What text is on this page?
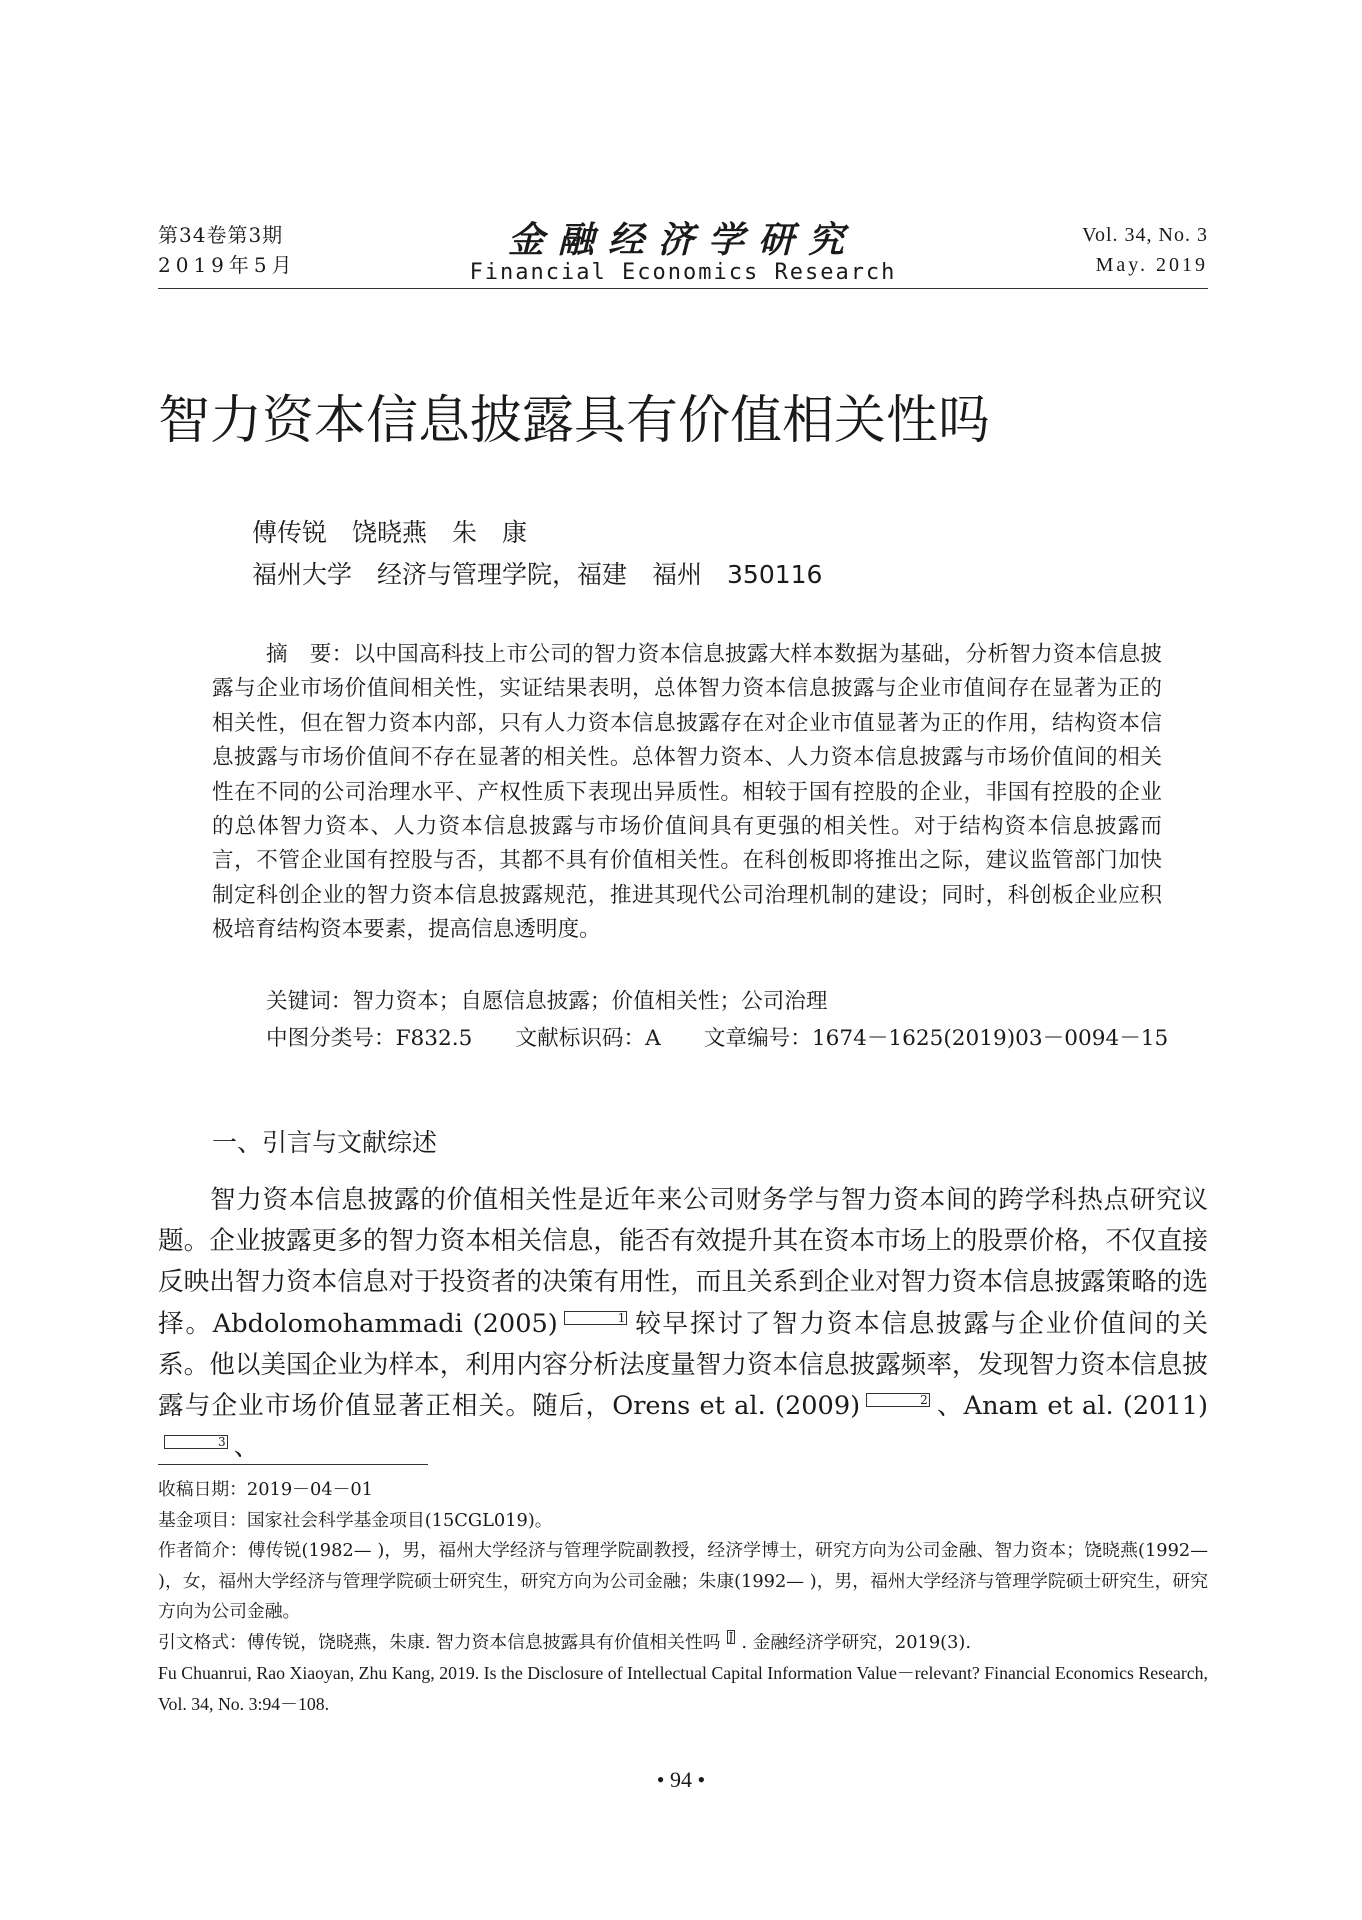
第34卷第3期
2019年5月
金融经济学研究
Financial Economics Research
Vol. 34, No. 3
May. 2019
智力资本信息披露具有价值相关性吗
傅传锐　饶晓燕　朱　康
福州大学　经济与管理学院，福建　福州　350116
摘　要：以中国高科技上市公司的智力资本信息披露大样本数据为基础，分析智力资本信息披露与企业市场价值间相关性，实证结果表明，总体智力资本信息披露与企业市值间存在显著为正的相关性，但在智力资本内部，只有人力资本信息披露存在对企业市值显著为正的作用，结构资本信息披露与市场价值间不存在显著的相关性。总体智力资本、人力资本信息披露与市场价值间的相关性在不同的公司治理水平、产权性质下表现出异质性。相较于国有控股的企业，非国有控股的企业的总体智力资本、人力资本信息披露与市场价值间具有更强的相关性。对于结构资本信息披露而言，不管企业国有控股与否，其都不具有价值相关性。在科创板即将推出之际，建议监管部门加快制定科创企业的智力资本信息披露规范，推进其现代公司治理机制的建设；同时，科创板企业应积极培育结构资本要素，提高信息透明度。
关键词：智力资本；自愿信息披露；价值相关性；公司治理
中图分类号：F832.5　　文献标识码：A　　文章编号：1674－1625(2019)03－0094－15
一、引言与文献综述
智力资本信息披露的价值相关性是近年来公司财务学与智力资本间的跨学科热点研究议题。企业披露更多的智力资本相关信息，能否有效提升其在资本市场上的股票价格，不仅直接反映出智力资本信息对于投资者的决策有用性，而且关系到企业对智力资本信息披露策略的选择。Abdolomohammadi (2005)	$^1$ 较早探讨了智力资本信息披露与企业价值间的关系。他以美国企业为样本，利用内容分析法度量智力资本信息披露频率，发现智力资本信息披露与企业市场价值显著正相关。随后，Orens et al. (2009)	$^2$ 、Anam et al. (2011)$^3$ 、

收稿日期：2019－04－01

基金项目：国家社会科学基金项目(15CGL019)。

作者简介：傅传锐(1982— )，男，福州大学经济与管理学院副教授，经济学博士，研究方向为公司金融、智力资本；饶晓燕(1992— )，女，福州大学经济与管理学院硕士研究生，研究方向为公司金融；朱康(1992— )，男，福州大学经济与管理学院硕士研究生，研究方向为公司金融。

引文格式：傅传锐，饶晓燕，朱康. 智力资本信息披露具有价值相关性吗 $^J$ . 金融经济学研究，2019(3).

Fu Chuanrui, Rao Xiaoyan, Zhu Kang, 2019. Is the Disclosure of Intellectual Capital Information Value－relevant? Financial Economics Research, Vol. 34, No. 3:94－108.

• 94 •
